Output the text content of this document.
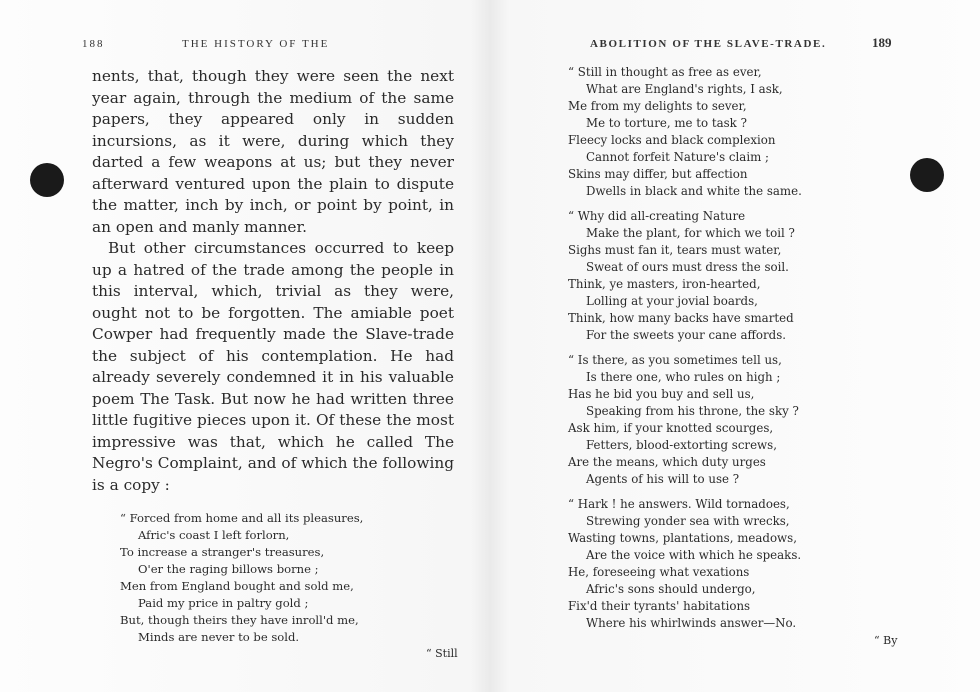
188	THE HISTORY OF THE

nents, that, though they were seen the next year again, through the medium of the same papers, they appeared only in sudden incursions, as it were, during which they darted a few weapons at us; but they never afterward ventured upon the plain to dispute the matter, inch by inch, or point by point, in an open and manly manner.

But other circumstances occurred to keep up a hatred of the trade among the people in this interval, which, trivial as they were, ought not to be forgotten. The amiable poet Cowper had frequently made the Slave-trade the subject of his contemplation. He had already severely condemned it in his valuable poem The Task. But now he had written three little fugitive pieces upon it. Of these the most impressive was that, which he called The Negro's Complaint, and of which the following is a copy :

“ Forced from home and all its pleasures,
Afric's coast I left forlorn,
To increase a stranger's treasures,
O'er the raging billows borne ;
Men from England bought and sold me,
Paid my price in paltry gold ;
But, though theirs they have inroll'd me,
Minds are never to be sold.
“ Still
ABOLITION OF THE SLAVE-TRADE.	189
“ Still in thought as free as ever,
What are England's rights, I ask,
Me from my delights to sever,
Me to torture, me to task ?
Fleecy locks and black complexion
Cannot forfeit Nature's claim ;
Skins may differ, but affection
Dwells in black and white the same.
“ Why did all-creating Nature
Make the plant, for which we toil ?
Sighs must fan it, tears must water,
Sweat of ours must dress the soil.
Think, ye masters, iron-hearted,
Lolling at your jovial boards,
Think, how many backs have smarted
For the sweets your cane affords.
“ Is there, as you sometimes tell us,
Is there one, who rules on high ;
Has he bid you buy and sell us,
Speaking from his throne, the sky ?
Ask him, if your knotted scourges,
Fetters, blood-extorting screws,
Are the means, which duty urges
Agents of his will to use ?
“ Hark ! he answers. Wild tornadoes,
Strewing yonder sea with wrecks,
Wasting towns, plantations, meadows,
Are the voice with which he speaks.
He, foreseeing what vexations
Afric's sons should undergo,
Fix'd their tyrants' habitations
Where his whirlwinds answer—No.
“ By
